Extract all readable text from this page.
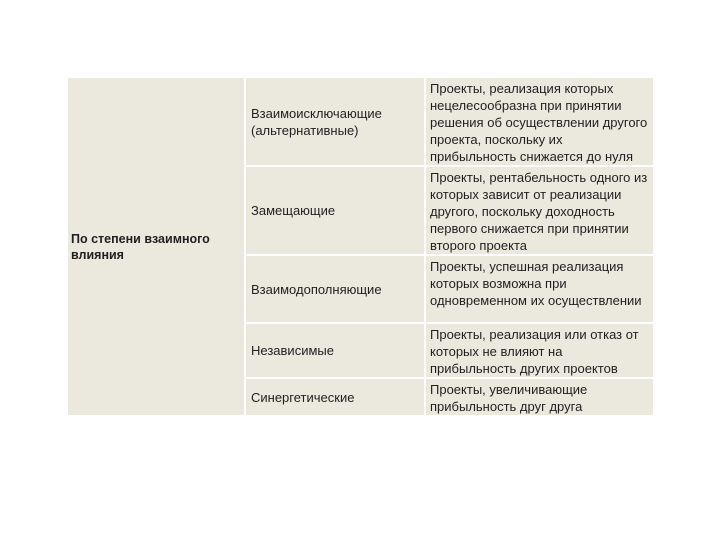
По степени взаимного влияния	Взаимоисключающие (альтернативные)	Проекты, реализация которых нецелесообразна при принятии решения об осуществлении другого проекта, поскольку их прибыльность снижается до нуля

	Замещающие	Проекты, рентабельность одного из которых зависит от реализации другого, поскольку доходность первого снижается при принятии второго проекта

	Взаимодополняющие	Проекты, успешная реализация которых возможна при одновременном их осуществлении

	Независимые	Проекты, реализация или отказ от которых не влияют на прибыльность других проектов

	Синергетические	Проекты, увеличивающие прибыльность друг друга
